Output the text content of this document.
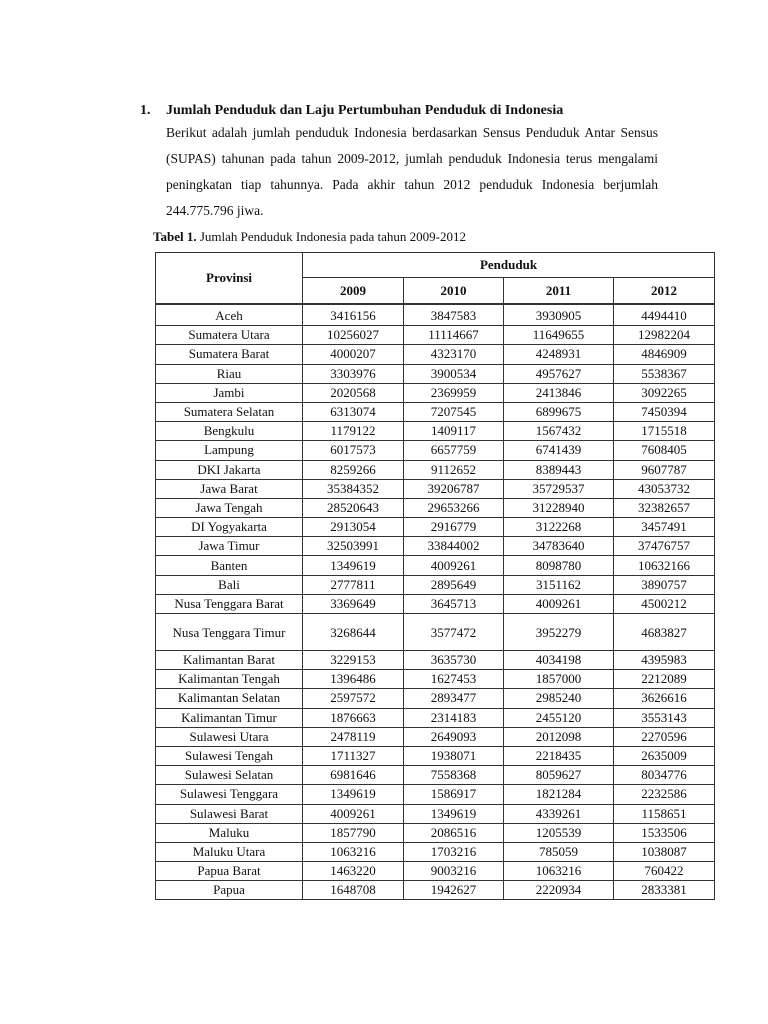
1. Jumlah Penduduk dan Laju Pertumbuhan Penduduk di Indonesia
Berikut adalah jumlah penduduk Indonesia berdasarkan Sensus Penduduk Antar Sensus (SUPAS) tahunan pada tahun 2009-2012, jumlah penduduk Indonesia terus mengalami peningkatan tiap tahunnya. Pada akhir tahun 2012 penduduk Indonesia berjumlah 244.775.796 jiwa.
Tabel 1. Jumlah Penduduk Indonesia pada tahun 2009-2012
Provinsi	Penduduk			
	2009	2010	2011	2012
Aceh	3416156	3847583	3930905	4494410
Sumatera Utara	10256027	11114667	11649655	12982204
Sumatera Barat	4000207	4323170	4248931	4846909
Riau	3303976	3900534	4957627	5538367
Jambi	2020568	2369959	2413846	3092265
Sumatera Selatan	6313074	7207545	6899675	7450394
Bengkulu	1179122	1409117	1567432	1715518
Lampung	6017573	6657759	6741439	7608405
DKI Jakarta	8259266	9112652	8389443	9607787
Jawa Barat	35384352	39206787	35729537	43053732
Jawa Tengah	28520643	29653266	31228940	32382657
DI Yogyakarta	2913054	2916779	3122268	3457491
Jawa Timur	32503991	33844002	34783640	37476757
Banten	1349619	4009261	8098780	10632166
Bali	2777811	2895649	3151162	3890757
Nusa Tenggara Barat	3369649	3645713	4009261	4500212
Nusa Tenggara Timur	3268644	3577472	3952279	4683827
Kalimantan Barat	3229153	3635730	4034198	4395983
Kalimantan Tengah	1396486	1627453	1857000	2212089
Kalimantan Selatan	2597572	2893477	2985240	3626616
Kalimantan Timur	1876663	2314183	2455120	3553143
Sulawesi Utara	2478119	2649093	2012098	2270596
Sulawesi Tengah	1711327	1938071	2218435	2635009
Sulawesi Selatan	6981646	7558368	8059627	8034776
Sulawesi Tenggara	1349619	1586917	1821284	2232586
Sulawesi Barat	4009261	1349619	4339261	1158651
Maluku	1857790	2086516	1205539	1533506
Maluku Utara	1063216	1703216	785059	1038087
Papua Barat	1463220	9003216	1063216	760422
Papua	1648708	1942627	2220934	2833381
